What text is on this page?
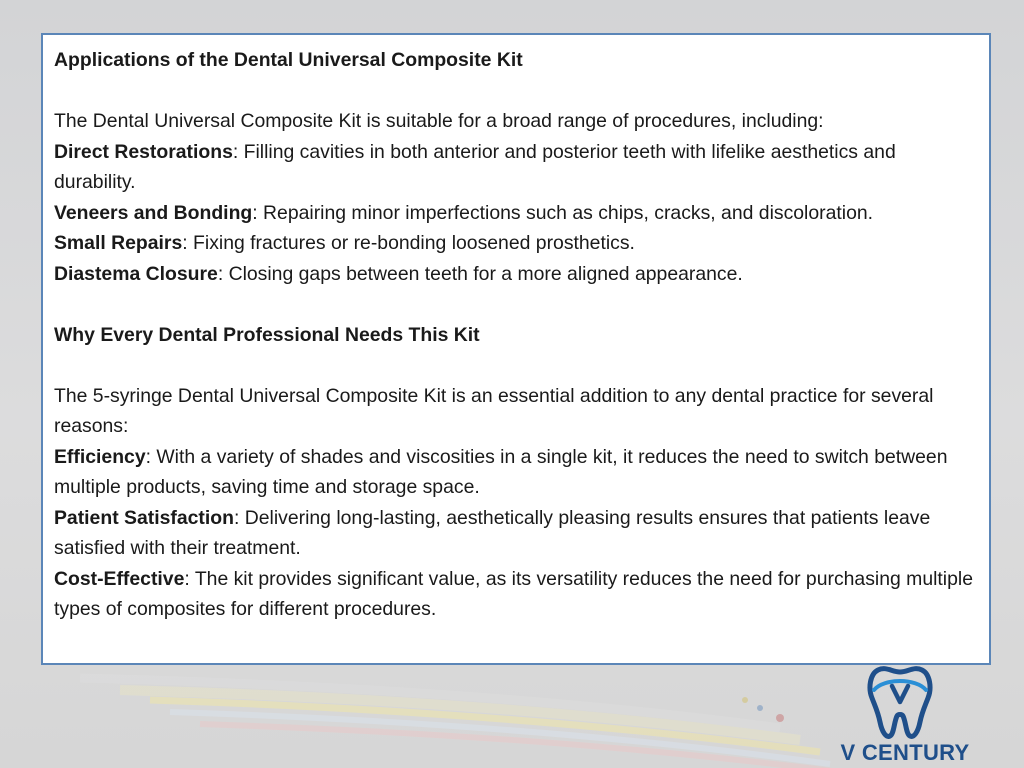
Applications of the Dental Universal Composite Kit

The Dental Universal Composite Kit is suitable for a broad range of procedures, including:

Direct Restorations: Filling cavities in both anterior and posterior teeth with lifelike aesthetics and durability.

Veneers and Bonding: Repairing minor imperfections such as chips, cracks, and discoloration.

Small Repairs: Fixing fractures or re-bonding loosened prosthetics.

Diastema Closure: Closing gaps between teeth for a more aligned appearance.

Why Every Dental Professional Needs This Kit

The 5-syringe Dental Universal Composite Kit is an essential addition to any dental practice for several reasons:

Efficiency: With a variety of shades and viscosities in a single kit, it reduces the need to switch between multiple products, saving time and storage space.

Patient Satisfaction: Delivering long-lasting, aesthetically pleasing results ensures that patients leave satisfied with their treatment.

Cost-Effective: The kit provides significant value, as its versatility reduces the need for purchasing multiple types of composites for different procedures.

V CENTURY
